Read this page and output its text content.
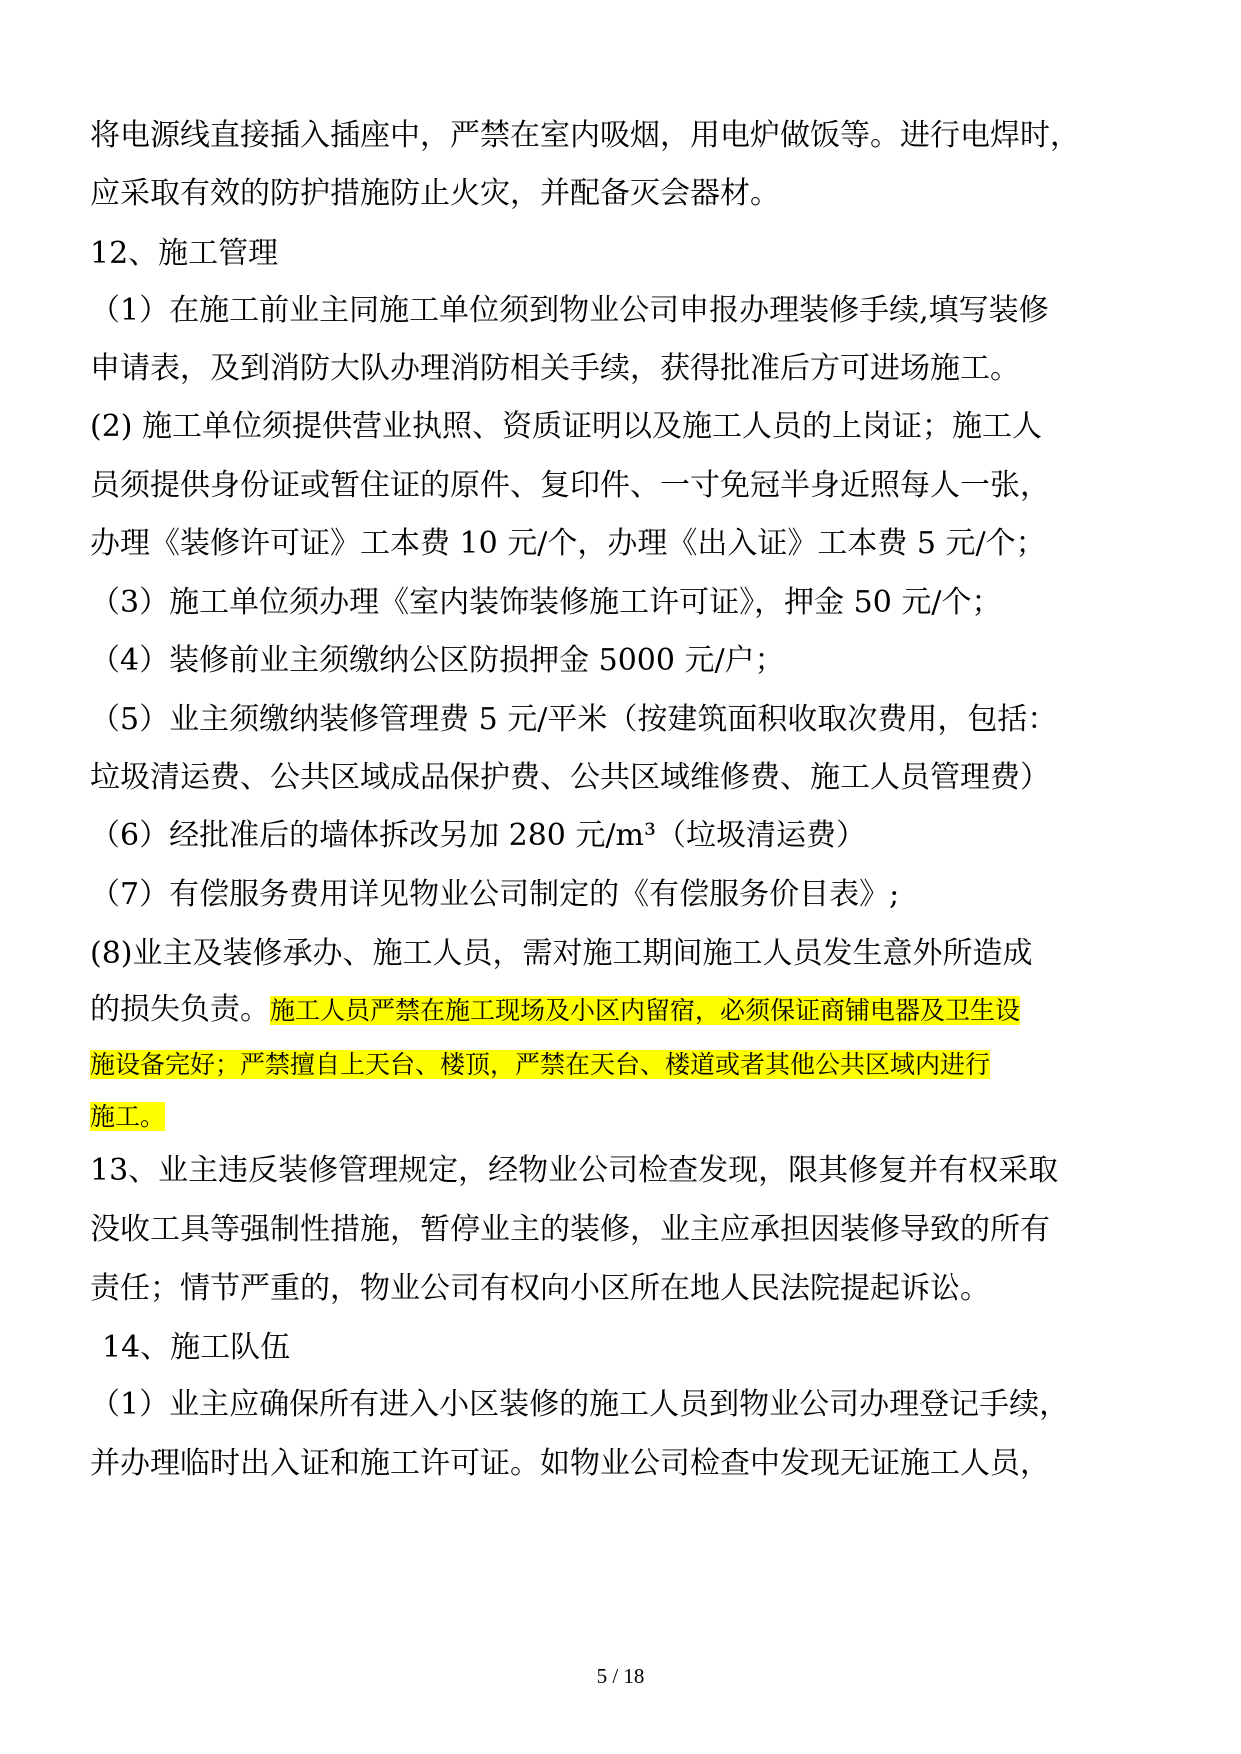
将电源线直接插入插座中，严禁在室内吸烟，用电炉做饭等。进行电焊时，
应采取有效的防护措施防止火灾，并配备灭会器材。
12、施工管理
（1）在施工前业主同施工单位须到物业公司申报办理装修手续,填写装修
申请表，及到消防大队办理消防相关手续，获得批准后方可进场施工。
(2) 施工单位须提供营业执照、资质证明以及施工人员的上岗证；施工人
员须提供身份证或暂住证的原件、复印件、一寸免冠半身近照每人一张，
办理《装修许可证》工本费 10 元/个，办理《出入证》工本费 5 元/个；
（3）施工单位须办理《室内装饰装修施工许可证》，押金 50 元/个；
（4）装修前业主须缴纳公区防损押金 5000 元/户；
（5）业主须缴纳装修管理费 5 元/平米（按建筑面积收取次费用，包括：
垃圾清运费、公共区域成品保护费、公共区域维修费、施工人员管理费）
（6）经批准后的墙体拆改另加 280 元/m³（垃圾清运费）
（7）有偿服务费用详见物业公司制定的《有偿服务价目表》;
(8)业主及装修承办、施工人员，需对施工期间施工人员发生意外所造成
的损失负责。施工人员严禁在施工现场及小区内留宿，必须保证商铺电器及卫生设
施设备完好；严禁擅自上天台、楼顶，严禁在天台、楼道或者其他公共区域内进行
施工。
13、业主违反装修管理规定，经物业公司检查发现，限其修复并有权采取
没收工具等强制性措施，暂停业主的装修，业主应承担因装修导致的所有
责任；情节严重的，物业公司有权向小区所在地人民法院提起诉讼。
14、施工队伍
（1）业主应确保所有进入小区装修的施工人员到物业公司办理登记手续，
并办理临时出入证和施工许可证。如物业公司检查中发现无证施工人员，
5 / 18
